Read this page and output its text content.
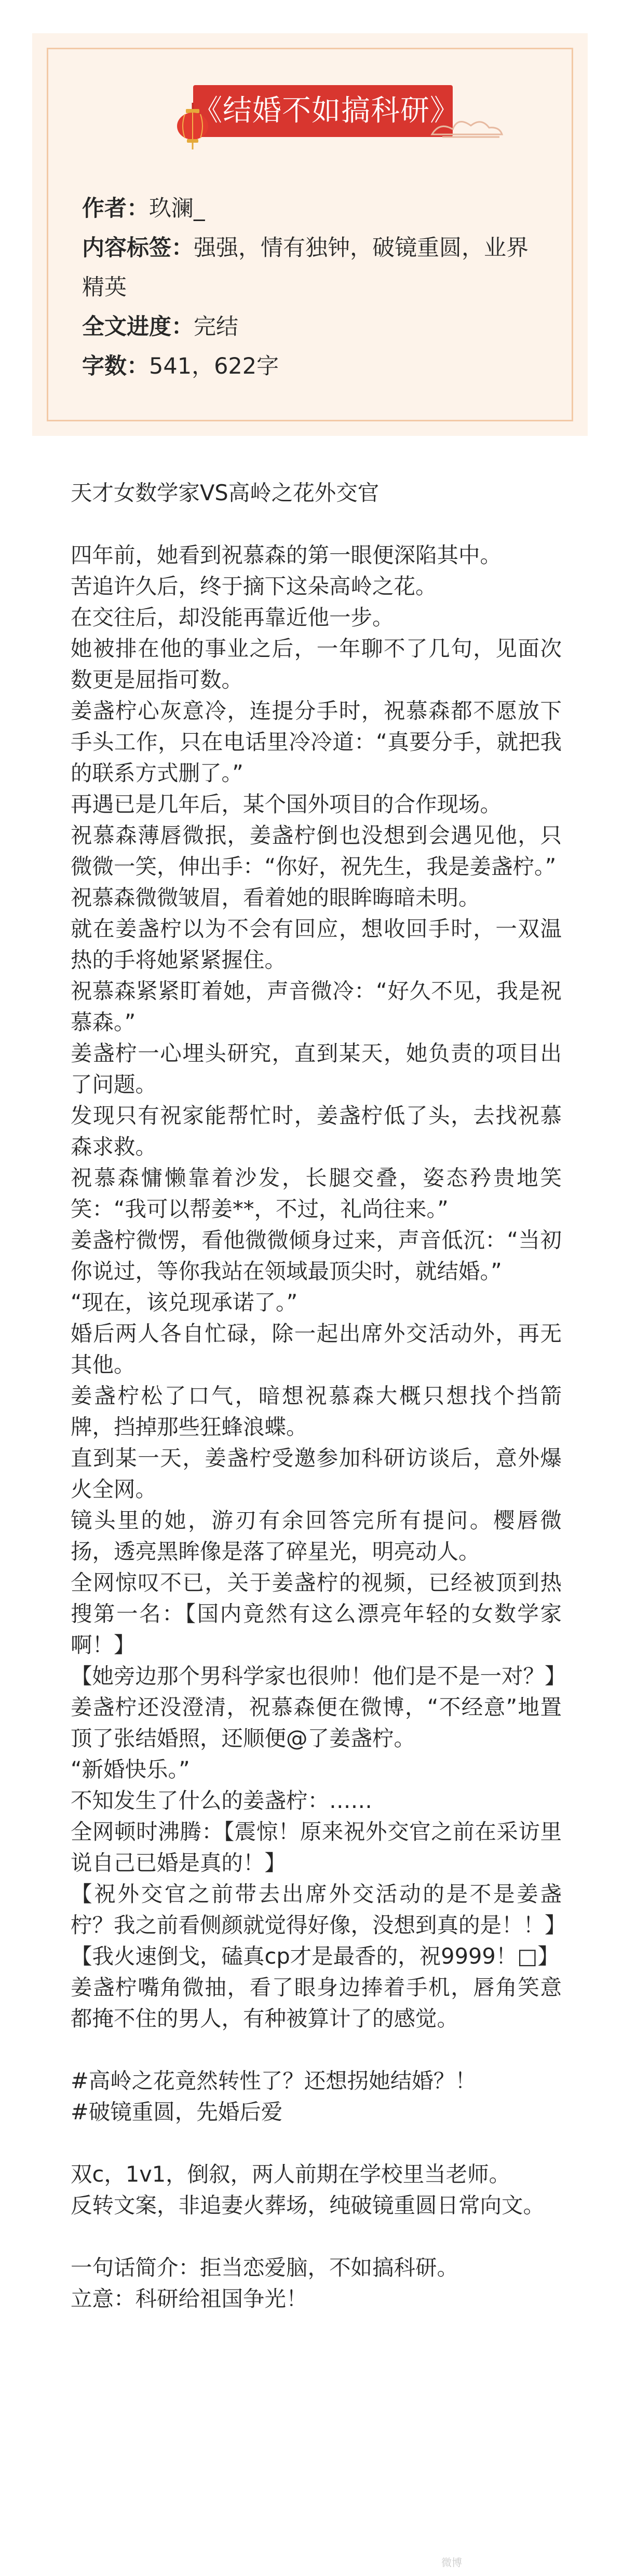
《结婚不如搞科研》
作者：玖澜_
内容标签：强强，情有独钟，破镜重圆，业界精英
全文进度：完结
字数：541，622字

天才女数学家VS高岭之花外交官

四年前，她看到祝慕森的第一眼便深陷其中。

苦追许久后，终于摘下这朵高岭之花。

在交往后，却没能再靠近他一步。

她被排在他的事业之后，一年聊不了几句，见面次数更是屈指可数。

姜盏柠心灰意冷，连提分手时，祝慕森都不愿放下手头工作，只在电话里冷冷道：“真要分手，就把我的联系方式删了。”

再遇已是几年后，某个国外项目的合作现场。

祝慕森薄唇微抿，姜盏柠倒也没想到会遇见他，只微微一笑，伸出手：“你好，祝先生，我是姜盏柠。”

祝慕森微微皱眉，看着她的眼眸晦暗未明。

就在姜盏柠以为不会有回应，想收回手时，一双温热的手将她紧紧握住。

祝慕森紧紧盯着她，声音微冷：“好久不见，我是祝慕森。”

姜盏柠一心埋头研究，直到某天，她负责的项目出了问题。

发现只有祝家能帮忙时，姜盏柠低了头，去找祝慕森求救。

祝慕森慵懒靠着沙发，长腿交叠，姿态矜贵地笑笑：“我可以帮姜**，不过，礼尚往来。”

姜盏柠微愣，看他微微倾身过来，声音低沉：“当初你说过，等你我站在领域最顶尖时，就结婚。”

“现在，该兑现承诺了。”

婚后两人各自忙碌，除一起出席外交活动外，再无其他。

姜盏柠松了口气，暗想祝慕森大概只想找个挡箭牌，挡掉那些狂蜂浪蝶。

直到某一天，姜盏柠受邀参加科研访谈后，意外爆火全网。

镜头里的她，游刃有余回答完所有提问。樱唇微扬，透亮黑眸像是落了碎星光，明亮动人。

全网惊叹不已，关于姜盏柠的视频，已经被顶到热搜第一名：【国内竟然有这么漂亮年轻的女数学家啊！】

【她旁边那个男科学家也很帅！他们是不是一对？】

姜盏柠还没澄清，祝慕森便在微博，“不经意”地置顶了张结婚照，还顺便@了姜盏柠。

“新婚快乐。”

不知发生了什么的姜盏柠：……

全网顿时沸腾：【震惊！原来祝外交官之前在采访里说自己已婚是真的！】

【祝外交官之前带去出席外交活动的是不是姜盏柠？我之前看侧颜就觉得好像，没想到真的是！！】

【我火速倒戈，磕真cp才是最香的，祝9999！□】

姜盏柠嘴角微抽，看了眼身边捧着手机，唇角笑意都掩不住的男人，有种被算计了的感觉。

#高岭之花竟然转性了？还想拐她结婚？！

#破镜重圆，先婚后爱

双c，1v1，倒叙，两人前期在学校里当老师。

反转文案，非追妻火葬场，纯破镜重圆日常向文。

一句话简介：拒当恋爱脑，不如搞科研。

立意：科研给祖国争光！

微博
